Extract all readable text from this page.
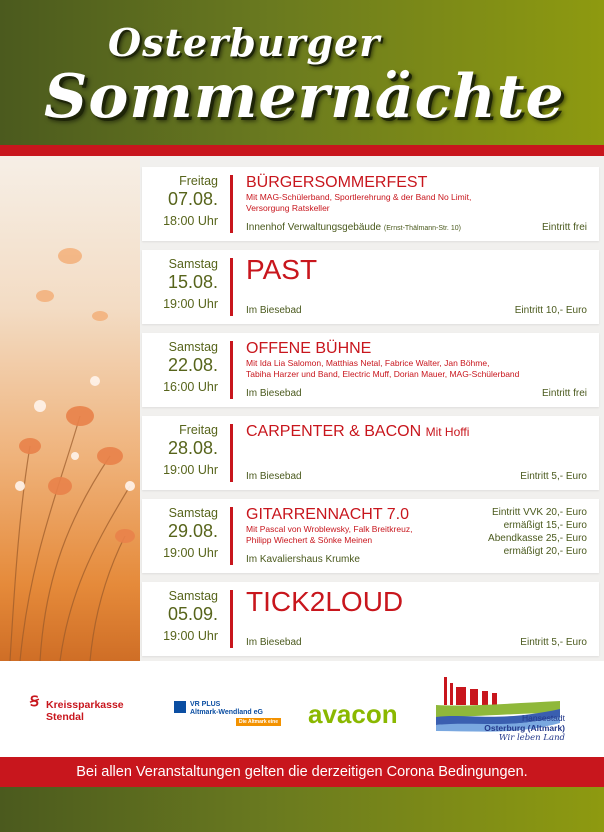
Osterburger
Sommernächte
Freitag
07.08.
18:00 Uhr
BÜRGERSOMMERFEST
Mit MAG-Schülerband, Sportlerehrung & der Band No Limit,
Versorgung Ratskeller
Innenhof Verwaltungsgebäude (Ernst-Thälmann-Str. 10)	Eintritt frei
Samstag
15.08.
19:00 Uhr
PAST
Im Biesebad	Eintritt 10,- Euro
Samstag
22.08.
16:00 Uhr
OFFENE BÜHNE
Mit Ida Lia Salomon, Matthias Netal, Fabrice Walter, Jan Böhme,
Tabiha Harzer und Band, Electric Muff, Dorian Mauer, MAG-Schülerband
Im Biesebad	Eintritt frei
Freitag
28.08.
19:00 Uhr
CARPENTER & BACON Mit Hoffi
Im Biesebad	Eintritt 5,- Euro
Samstag
29.08.
19:00 Uhr
GITARRENNACHT 7.0
Mit Pascal von Wroblewsky, Falk Breitkreuz,
Philipp Wiechert & Sönke Meinen
Im Kavaliershaus Krumke
Eintritt VVK 20,- Euro
ermäßigt 15,- Euro
Abendkasse 25,- Euro
ermäßigt 20,- Euro
Samstag
05.09.
19:00 Uhr
TICK2LOUD
Im Biesebad	Eintritt 5,- Euro
Ꞩ Kreissparkasse
Stendal
VR PLUS
Altmark-Wendland eG
Die Altmark eine avacon	Hansestadt
Osterburg (Altmark)
Wir leben Land
Bei allen Veranstaltungen gelten die derzeitigen Corona Bedingungen.
